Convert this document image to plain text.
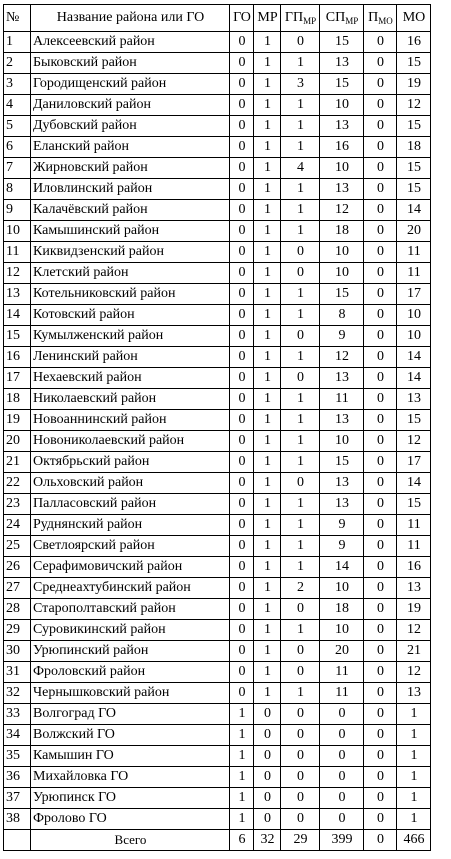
№	Название района или ГО	ГО	МР	$ГП_{МР}$	$СП_{МР}$	$П_{МО}$	МО
1	Алексеевский район	0	1	0	15	0	16
2	Быковский район	0	1	1	13	0	15
3	Городищенский район	0	1	3	15	0	19
4	Даниловский район	0	1	1	10	0	12
5	Дубовский район	0	1	1	13	0	15
6	Еланский район	0	1	1	16	0	18
7	Жирновский район	0	1	4	10	0	15
8	Иловлинский район	0	1	1	13	0	15
9	Калачёвский район	0	1	1	12	0	14
10	Камышинский район	0	1	1	18	0	20
11	Киквидзенский район	0	1	0	10	0	11
12	Клетский район	0	1	0	10	0	11
13	Котельниковский район	0	1	1	15	0	17
14	Котовский район	0	1	1	8	0	10
15	Кумылженский район	0	1	0	9	0	10
16	Ленинский район	0	1	1	12	0	14
17	Нехаевский район	0	1	0	13	0	14
18	Николаевский район	0	1	1	11	0	13
19	Новоаннинский район	0	1	1	13	0	15
20	Новониколаевский район	0	1	1	10	0	12
21	Октябрьский район	0	1	1	15	0	17
22	Ольховский район	0	1	0	13	0	14
23	Палласовский район	0	1	1	13	0	15
24	Руднянский район	0	1	1	9	0	11
25	Светлоярский район	0	1	1	9	0	11
26	Серафимовичский район	0	1	1	14	0	16
27	Среднеахтубинский район	0	1	2	10	0	13
28	Старополтавский район	0	1	0	18	0	19
29	Суровикинский район	0	1	1	10	0	12
30	Урюпинский район	0	1	0	20	0	21
31	Фроловский район	0	1	0	11	0	12
32	Чернышковский район	0	1	1	11	0	13
33	Волгоград ГО	1	0	0	0	0	1
34	Волжский ГО	1	0	0	0	0	1
35	Камышин ГО	1	0	0	0	0	1
36	Михайловка ГО	1	0	0	0	0	1
37	Урюпинск ГО	1	0	0	0	0	1
38	Фролово ГО	1	0	0	0	0	1
	Всего	6	32	29	399	0	466
